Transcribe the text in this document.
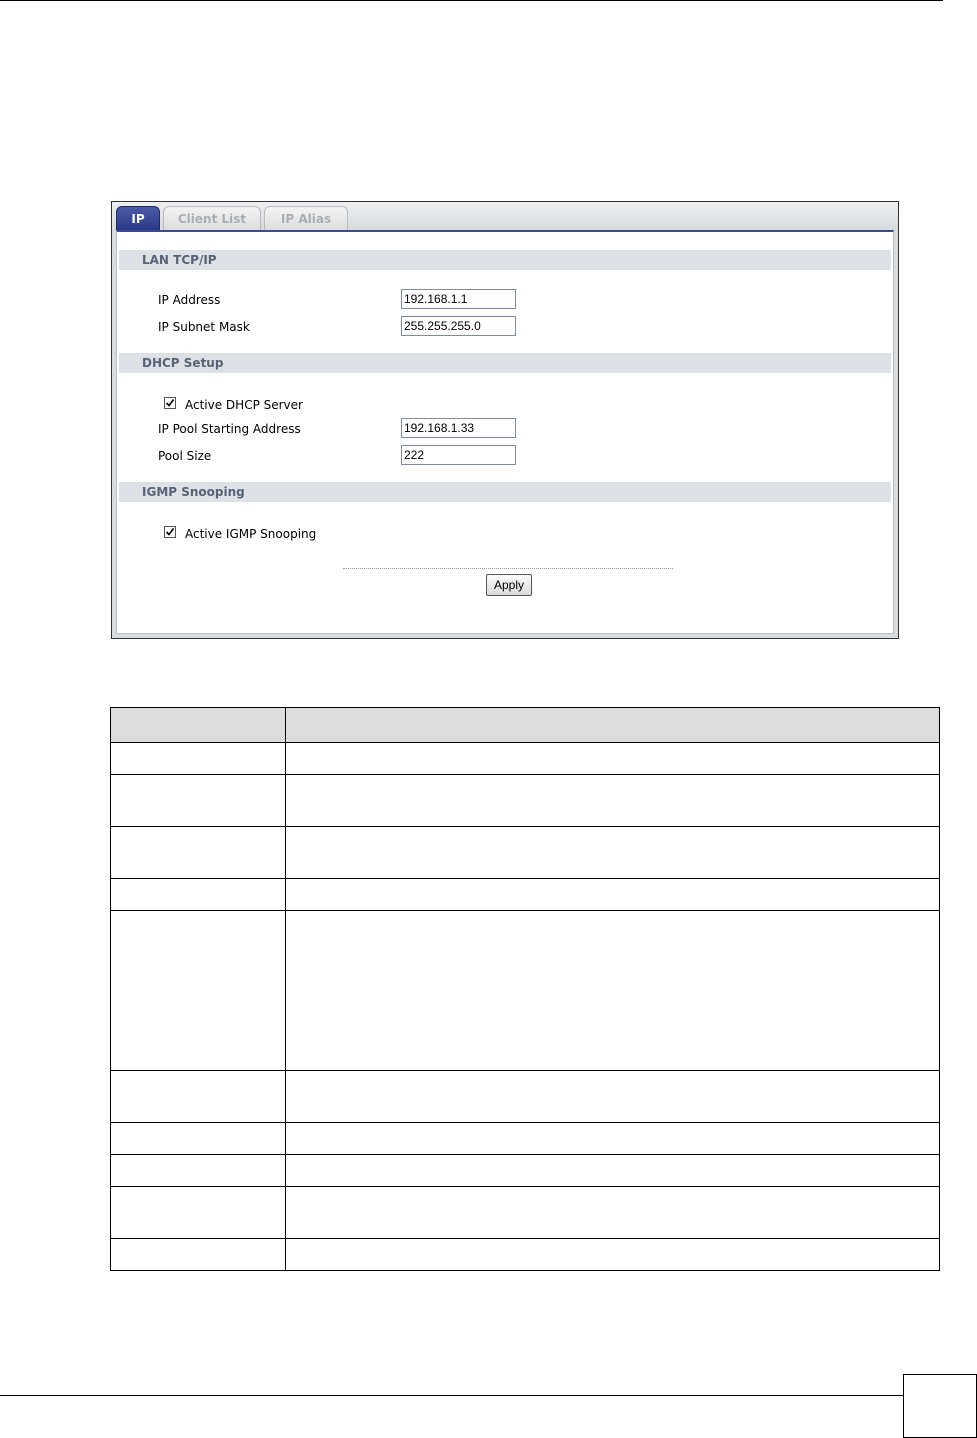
IP	Client List	IP Alias
LAN TCP/IP
IP Address
192.168.1.1
IP Subnet Mask
255.255.255.0
DHCP Setup
Active DHCP Server
IP Pool Starting Address
192.168.1.33
Pool Size
222
IGMP Snooping
Active IGMP Snooping
Apply
